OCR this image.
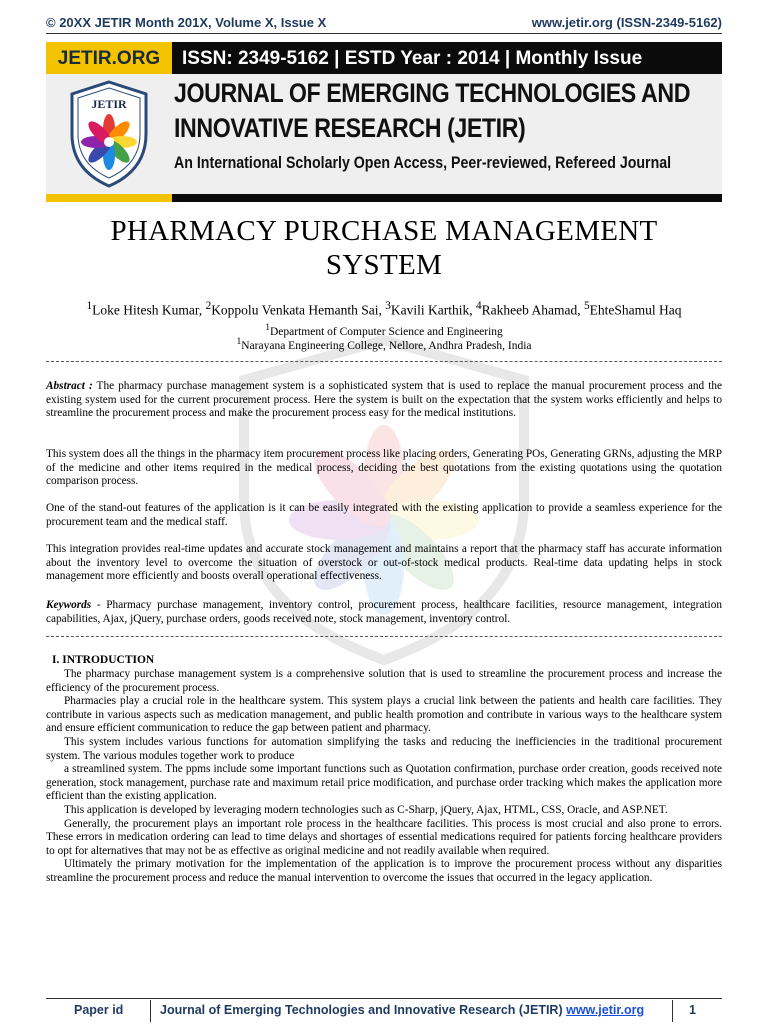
© 20XX JETIR Month 201X, Volume X, Issue X	www.jetir.org (ISSN-2349-5162)
JETIR.ORG	ISSN: 2349-5162 | ESTD Year : 2014 | Monthly Issue
JETIR JOURNAL OF EMERGING TECHNOLOGIES AND
INNOVATIVE RESEARCH (JETIR)
An International Scholarly Open Access, Peer-reviewed, Refereed Journal
PHARMACY PURCHASE MANAGEMENT
SYSTEM
$^1$Loke Hitesh Kumar, $^2$Koppolu Venkata Hemanth Sai, $^3$Kavili Karthik, $^4$Rakheeb Ahamad, $^5$EhteShamul Haq
$^1$Department of Computer Science and Engineering
$^1$Narayana Engineering College, Nellore, Andhra Pradesh, India

Abstract : The pharmacy purchase management system is a sophisticated system that is used to replace the manual procurement process and the existing system used for the current procurement process. Here the system is built on the expectation that the system works efficiently and helps to streamline the procurement process and make the procurement process easy for the medical institutions.

This system does all the things in the pharmacy item procurement process like placing orders, Generating POs, Generating GRNs, adjusting the MRP of the medicine and other items required in the medical process, deciding the best quotations from the existing quotations using the quotation comparison process.
One of the stand-out features of the application is it can be easily integrated with the existing application to provide a seamless experience for the procurement team and the medical staff.
This integration provides real-time updates and accurate stock management and maintains a report that the pharmacy staff has accurate information about the inventory level to overcome the situation of overstock or out-of-stock medical products. Real-time data updating helps in stock management more efficiently and boosts overall operational effectiveness.

Keywords - Pharmacy purchase management, inventory control, procurement process, healthcare facilities, resource management, integration capabilities, Ajax, jQuery, purchase orders, goods received note, stock management, inventory control.

I. INTRODUCTION

The pharmacy purchase management system is a comprehensive solution that is used to streamline the procurement process and increase the efficiency of the procurement process.

Pharmacies play a crucial role in the healthcare system. This system plays a crucial link between the patients and health care facilities. They contribute in various aspects such as medication management, and public health promotion and contribute in various ways to the healthcare system and ensure efficient communication to reduce the gap between patient and pharmacy.

This system includes various functions for automation simplifying the tasks and reducing the inefficiencies in the traditional procurement system. The various modules together work to produce

a streamlined system. The ppms include some important functions such as Quotation confirmation, purchase order creation, goods received note generation, stock management, purchase rate and maximum retail price modification, and purchase order tracking which makes the application more efficient than the existing application.

This application is developed by leveraging modern technologies such as C-Sharp, jQuery, Ajax, HTML, CSS, Oracle, and ASP.NET.

Generally, the procurement plays an important role process in the healthcare facilities. This process is most crucial and also prone to errors. These errors in medication ordering can lead to time delays and shortages of essential medications required for patients forcing healthcare providers to opt for alternatives that may not be as effective as original medicine and not readily available when required.

Ultimately the primary motivation for the implementation of the application is to improve the procurement process without any disparities streamline the procurement process and reduce the manual intervention to overcome the issues that occurred in the legacy application.

Paper id	Journal of Emerging Technologies and Innovative Research (JETIR) www.jetir.org	1
